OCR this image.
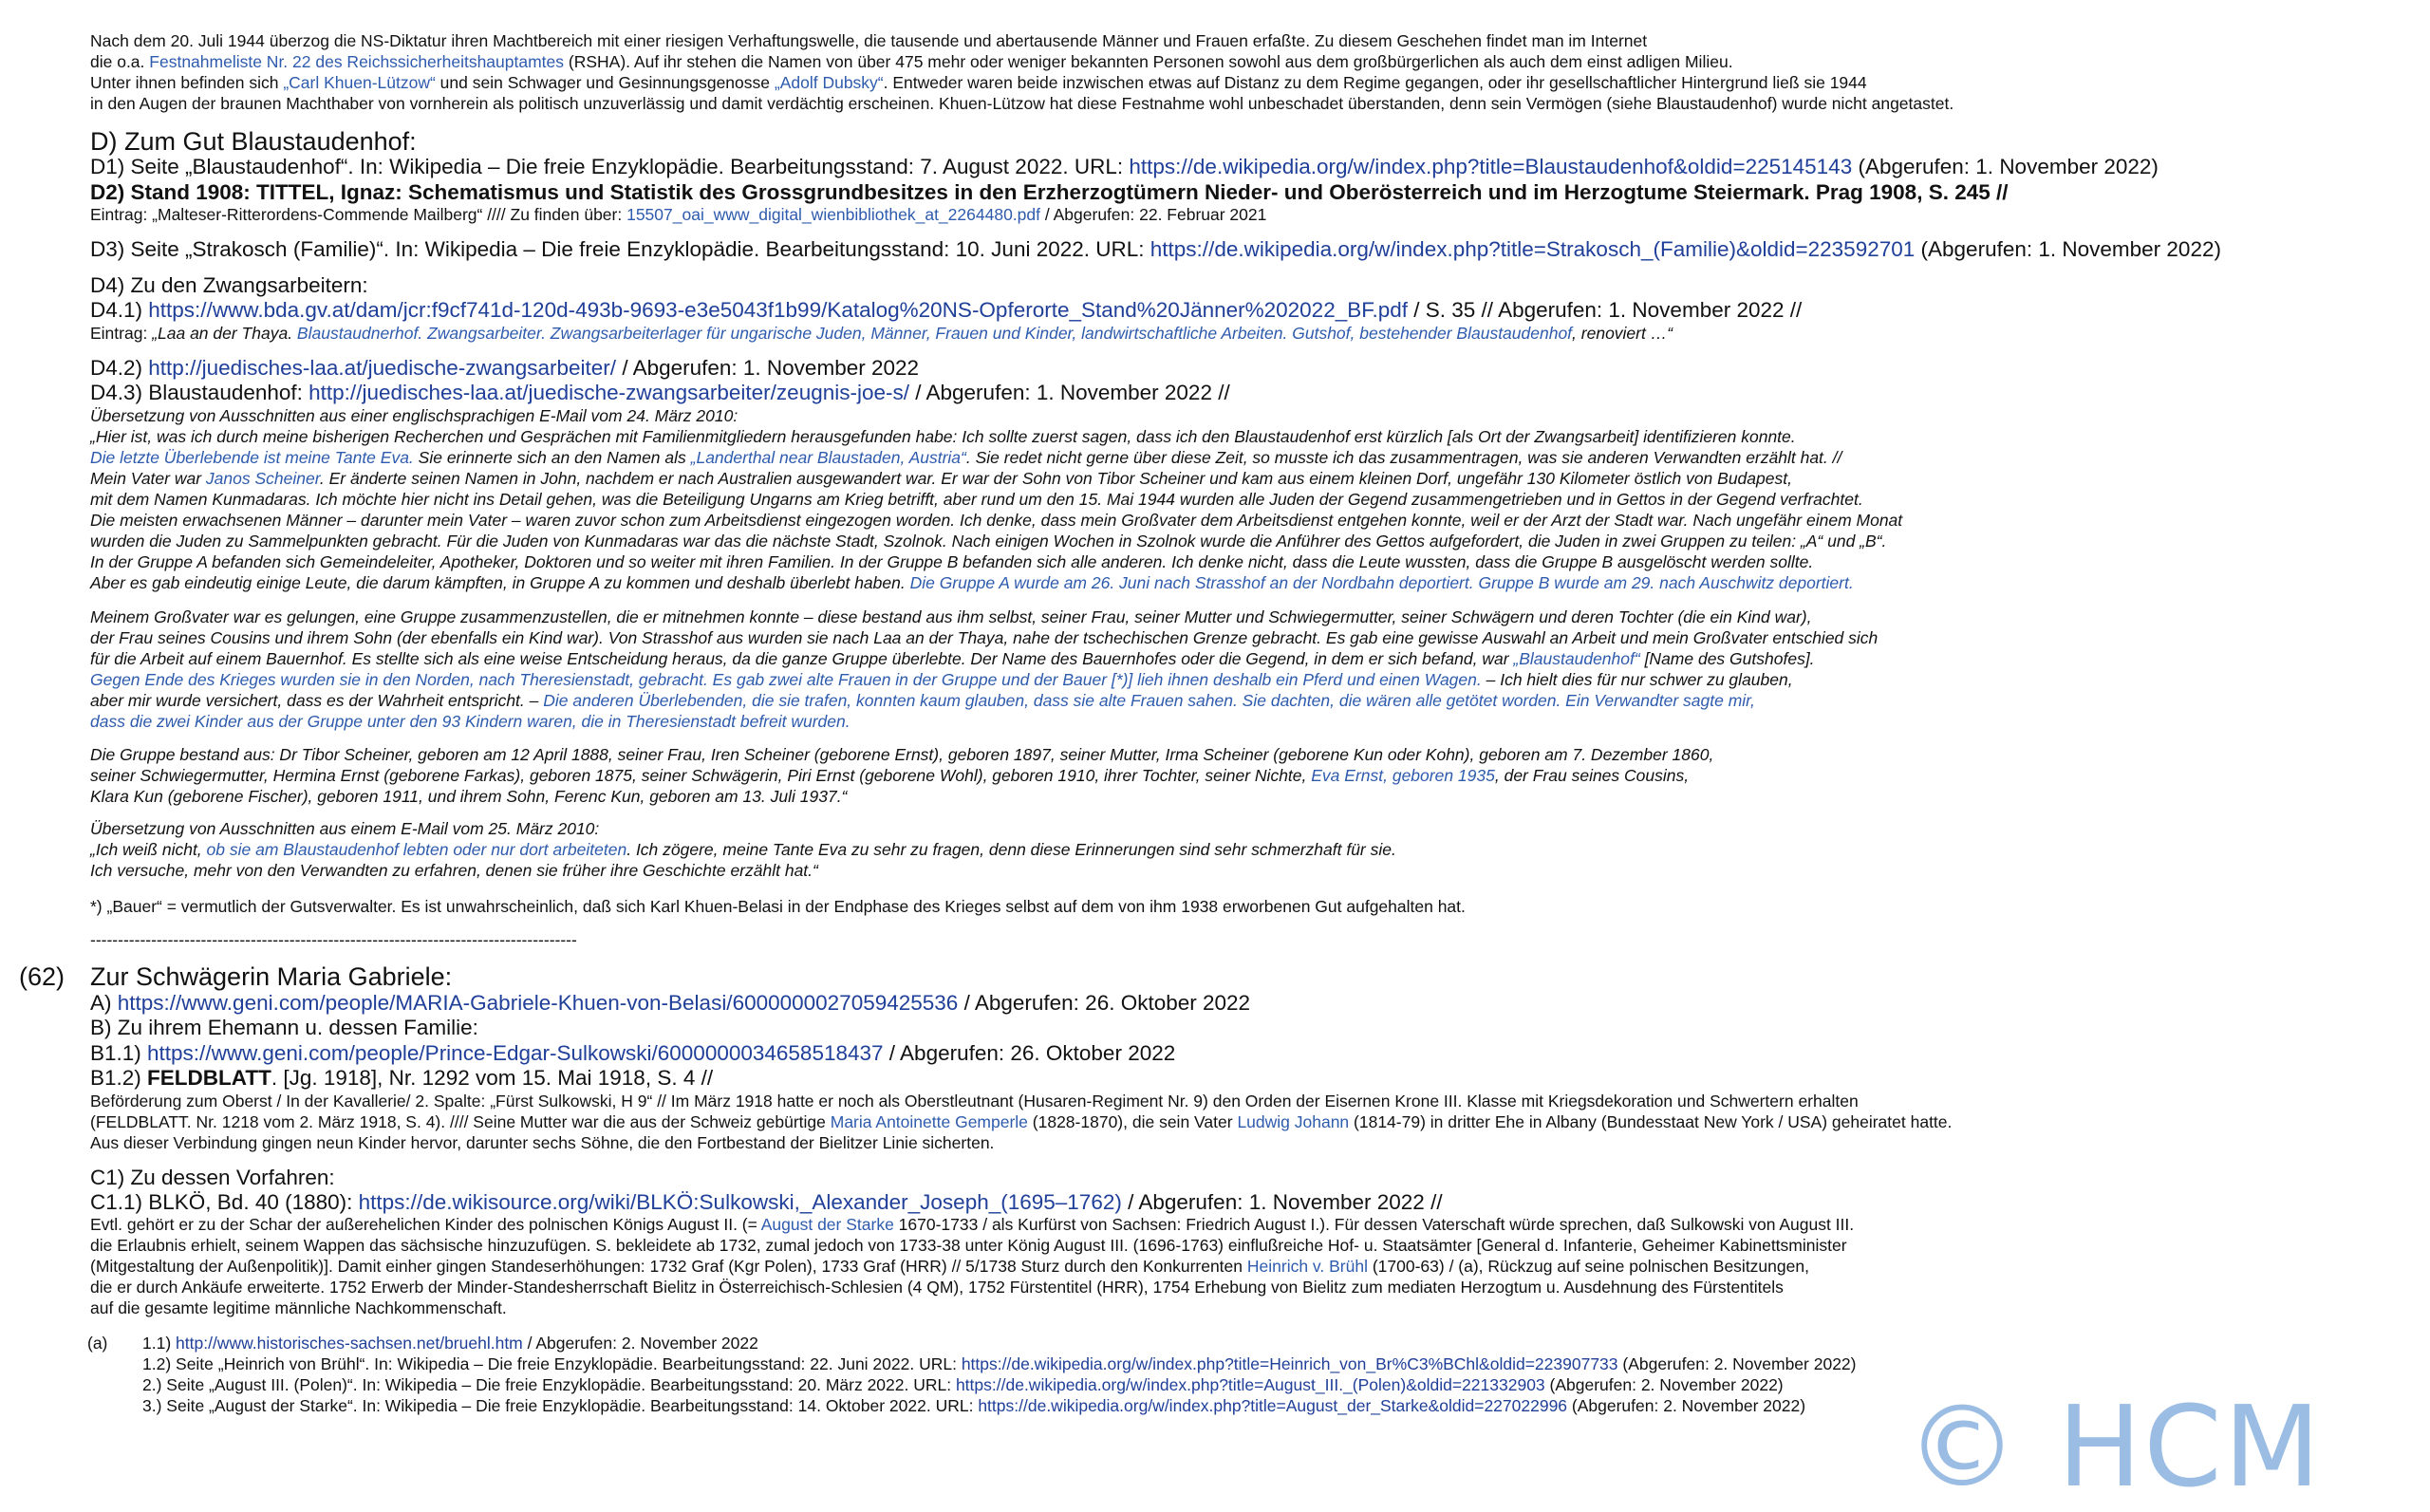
Nach dem 20. Juli 1944 überzog die NS-Diktatur ihren Machtbereich mit einer riesigen Verhaftungswelle, die tausende und abertausende Männer und Frauen erfaßte. Zu diesem Geschehen findet man im Internet
die o.a. Festnahmeliste Nr. 22 des Reichssicherheitshauptamtes (RSHA). Auf ihr stehen die Namen von über 475 mehr oder weniger bekannten Personen sowohl aus dem großbürgerlichen als auch dem einst adligen Milieu.
Unter ihnen befinden sich „Carl Khuen-Lützow“ und sein Schwager und Gesinnungsgenosse „Adolf Dubsky“. Entweder waren beide inzwischen etwas auf Distanz zu dem Regime gegangen, oder ihr gesellschaftlicher Hintergrund ließ sie 1944
in den Augen der braunen Machthaber von vornherein als politisch unzuverlässig und damit verdächtig erscheinen. Khuen-Lützow hat diese Festnahme wohl unbeschadet überstanden, denn sein Vermögen (siehe Blaustaudenhof) wurde nicht angetastet.
D) Zum Gut Blaustaudenhof:
D1) Seite „Blaustaudenhof“. In: Wikipedia – Die freie Enzyklopädie. Bearbeitungsstand: 7. August 2022. URL: https://de.wikipedia.org/w/index.php?title=Blaustaudenhof&oldid=225145143 (Abgerufen: 1. November 2022)
D2) Stand 1908: TITTEL, Ignaz: Schematismus und Statistik des Grossgrundbesitzes in den Erzherzogtümern Nieder- und Oberösterreich und im Herzogtume Steiermark. Prag 1908, S. 245 //
Eintrag: „Malteser-Ritterordens-Commende Mailberg“ //// Zu finden über: 15507_oai_www_digital_wienbibliothek_at_2264480.pdf / Abgerufen: 22. Februar 2021
D3) Seite „Strakosch (Familie)“. In: Wikipedia – Die freie Enzyklopädie. Bearbeitungsstand: 10. Juni 2022. URL: https://de.wikipedia.org/w/index.php?title=Strakosch_(Familie)&oldid=223592701 (Abgerufen: 1. November 2022)
D4) Zu den Zwangsarbeitern:
D4.1) https://www.bda.gv.at/dam/jcr:f9cf741d-120d-493b-9693-e3e5043f1b99/Katalog%20NS-Opferorte_Stand%20Jänner%202022_BF.pdf / S. 35 // Abgerufen: 1. November 2022 //
Eintrag: „Laa an der Thaya. Blaustaudnerhof. Zwangsarbeiter. Zwangsarbeiterlager für ungarische Juden, Männer, Frauen und Kinder, landwirtschaftliche Arbeiten. Gutshof, bestehender Blaustaudenhof, renoviert …“
D4.2) http://juedisches-laa.at/juedische-zwangsarbeiter/ / Abgerufen: 1. November 2022
D4.3) Blaustaudenhof: http://juedisches-laa.at/juedische-zwangsarbeiter/zeugnis-joe-s/ / Abgerufen: 1. November 2022 //
Übersetzung von Ausschnitten aus einer englischsprachigen E-Mail vom 24. März 2010:
„Hier ist, was ich durch meine bisherigen Recherchen und Gesprächen mit Familienmitgliedern herausgefunden habe: Ich sollte zuerst sagen, dass ich den Blaustaudenhof erst kürzlich [als Ort der Zwangsarbeit] identifizieren konnte.
Die letzte Überlebende ist meine Tante Eva. Sie erinnerte sich an den Namen als „Landerthal near Blaustaden, Austria“. Sie redet nicht gerne über diese Zeit, so musste ich das zusammentragen, was sie anderen Verwandten erzählt hat. //
Mein Vater war Janos Scheiner. Er änderte seinen Namen in John, nachdem er nach Australien ausgewandert war. Er war der Sohn von Tibor Scheiner und kam aus einem kleinen Dorf, ungefähr 130 Kilometer östlich von Budapest,
mit dem Namen Kunmadaras. Ich möchte hier nicht ins Detail gehen, was die Beteiligung Ungarns am Krieg betrifft, aber rund um den 15. Mai 1944 wurden alle Juden der Gegend zusammengetrieben und in Gettos in der Gegend verfrachtet.
Die meisten erwachsenen Männer – darunter mein Vater – waren zuvor schon zum Arbeitsdienst eingezogen worden. Ich denke, dass mein Großvater dem Arbeitsdienst entgehen konnte, weil er der Arzt der Stadt war. Nach ungefähr einem Monat
wurden die Juden zu Sammelpunkten gebracht. Für die Juden von Kunmadaras war das die nächste Stadt, Szolnok. Nach einigen Wochen in Szolnok wurde die Anführer des Gettos aufgefordert, die Juden in zwei Gruppen zu teilen: „A“ und „B“.
In der Gruppe A befanden sich Gemeindeleiter, Apotheker, Doktoren und so weiter mit ihren Familien. In der Gruppe B befanden sich alle anderen. Ich denke nicht, dass die Leute wussten, dass die Gruppe B ausgelöscht werden sollte.
Aber es gab eindeutig einige Leute, die darum kämpften, in Gruppe A zu kommen und deshalb überlebt haben. Die Gruppe A wurde am 26. Juni nach Strasshof an der Nordbahn deportiert. Gruppe B wurde am 29. nach Auschwitz deportiert.
Meinem Großvater war es gelungen, eine Gruppe zusammenzustellen, die er mitnehmen konnte – diese bestand aus ihm selbst, seiner Frau, seiner Mutter und Schwiegermutter, seiner Schwägern und deren Tochter (die ein Kind war),
der Frau seines Cousins und ihrem Sohn (der ebenfalls ein Kind war). Von Strasshof aus wurden sie nach Laa an der Thaya, nahe der tschechischen Grenze gebracht. Es gab eine gewisse Auswahl an Arbeit und mein Großvater entschied sich
für die Arbeit auf einem Bauernhof. Es stellte sich als eine weise Entscheidung heraus, da die ganze Gruppe überlebte. Der Name des Bauernhofes oder die Gegend, in dem er sich befand, war „Blaustaudenhof“ [Name des Gutshofes].
Gegen Ende des Krieges wurden sie in den Norden, nach Theresienstadt, gebracht. Es gab zwei alte Frauen in der Gruppe und der Bauer [*)] lieh ihnen deshalb ein Pferd und einen Wagen. – Ich hielt dies für nur schwer zu glauben,
aber mir wurde versichert, dass es der Wahrheit entspricht. – Die anderen Überlebenden, die sie trafen, konnten kaum glauben, dass sie alte Frauen sahen. Sie dachten, die wären alle getötet worden. Ein Verwandter sagte mir,
dass die zwei Kinder aus der Gruppe unter den 93 Kindern waren, die in Theresienstadt befreit wurden.
Die Gruppe bestand aus: Dr Tibor Scheiner, geboren am 12 April 1888, seiner Frau, Iren Scheiner (geborene Ernst), geboren 1897, seiner Mutter, Irma Scheiner (geborene Kun oder Kohn), geboren am 7. Dezember 1860,
seiner Schwiegermutter, Hermina Ernst (geborene Farkas), geboren 1875, seiner Schwägerin, Piri Ernst (geborene Wohl), geboren 1910, ihrer Tochter, seiner Nichte, Eva Ernst, geboren 1935, der Frau seines Cousins,
Klara Kun (geborene Fischer), geboren 1911, und ihrem Sohn, Ferenc Kun, geboren am 13. Juli 1937.“
Übersetzung von Ausschnitten aus einem E-Mail vom 25. März 2010:
„Ich weiß nicht, ob sie am Blaustaudenhof lebten oder nur dort arbeiteten. Ich zögere, meine Tante Eva zu sehr zu fragen, denn diese Erinnerungen sind sehr schmerzhaft für sie.
Ich versuche, mehr von den Verwandten zu erfahren, denen sie früher ihre Geschichte erzählt hat.“
*) „Bauer“ = vermutlich der Gutsverwalter. Es ist unwahrscheinlich, daß sich Karl Khuen-Belasi in der Endphase des Krieges selbst auf dem von ihm 1938 erworbenen Gut aufgehalten hat.
----------------------------------------------------------------------------------------
(62) Zur Schwägerin Maria Gabriele:
A) https://www.geni.com/people/MARIA-Gabriele-Khuen-von-Belasi/6000000027059425536 / Abgerufen: 26. Oktober 2022
B) Zu ihrem Ehemann u. dessen Familie:
B1.1) https://www.geni.com/people/Prince-Edgar-Sulkowski/6000000034658518437 / Abgerufen: 26. Oktober 2022
B1.2) FELDBLATT. [Jg. 1918], Nr. 1292 vom 15. Mai 1918, S. 4 //
Beförderung zum Oberst / In der Kavallerie/ 2. Spalte: „Fürst Sulkowski, H 9“ // Im März 1918 hatte er noch als Oberstleutnant (Husaren-Regiment Nr. 9) den Orden der Eisernen Krone III. Klasse mit Kriegsdekoration und Schwertern erhalten
(FELDBLATT. Nr. 1218 vom 2. März 1918, S. 4). //// Seine Mutter war die aus der Schweiz gebürtige Maria Antoinette Gemperle (1828-1870), die sein Vater Ludwig Johann (1814-79) in dritter Ehe in Albany (Bundesstaat New York / USA) geheiratet hatte.
Aus dieser Verbindung gingen neun Kinder hervor, darunter sechs Söhne, die den Fortbestand der Bielitzer Linie sicherten.
C1) Zu dessen Vorfahren:
C1.1) BLKÖ, Bd. 40 (1880): https://de.wikisource.org/wiki/BLKÖ:Sulkowski,_Alexander_Joseph_(1695–1762) / Abgerufen: 1. November 2022 //
Evtl. gehört er zu der Schar der außerehelichen Kinder des polnischen Königs August II. (= August der Starke 1670-1733 / als Kurfürst von Sachsen: Friedrich August I.). Für dessen Vaterschaft würde sprechen, daß Sulkowski von August III.
die Erlaubnis erhielt, seinem Wappen das sächsische hinzuzufügen. S. bekleidete ab 1732, zumal jedoch von 1733-38 unter König August III. (1696-1763) einflußreiche Hof- u. Staatsämter [General d. Infanterie, Geheimer Kabinettsminister
(Mitgestaltung der Außenpolitik)]. Damit einher gingen Standeserhöhungen: 1732 Graf (Kgr Polen), 1733 Graf (HRR) // 5/1738 Sturz durch den Konkurrenten Heinrich v. Brühl (1700-63) / (a), Rückzug auf seine polnischen Besitzungen,
die er durch Ankäufe erweiterte. 1752 Erwerb der Minder-Standesherrschaft Bielitz in Österreichisch-Schlesien (4 QM), 1752 Fürstentitel (HRR), 1754 Erhebung von Bielitz zum mediaten Herzogtum u. Ausdehnung des Fürstentitels
auf die gesamte legitime männliche Nachkommenschaft.
(a) 1.1) http://www.historisches-sachsen.net/bruehl.htm / Abgerufen: 2. November 2022
1.2) Seite „Heinrich von Brühl“. In: Wikipedia – Die freie Enzyklopädie. Bearbeitungsstand: 22. Juni 2022. URL: https://de.wikipedia.org/w/index.php?title=Heinrich_von_Br%C3%BChl&oldid=223907733 (Abgerufen: 2. November 2022)
2.) Seite „August III. (Polen)“. In: Wikipedia – Die freie Enzyklopädie. Bearbeitungsstand: 20. März 2022. URL: https://de.wikipedia.org/w/index.php?title=August_III._(Polen)&oldid=221332903 (Abgerufen: 2. November 2022)
3.) Seite „August der Starke“. In: Wikipedia – Die freie Enzyklopädie. Bearbeitungsstand: 14. Oktober 2022. URL: https://de.wikipedia.org/w/index.php?title=August_der_Starke&oldid=227022996 (Abgerufen: 2. November 2022) © HCM
